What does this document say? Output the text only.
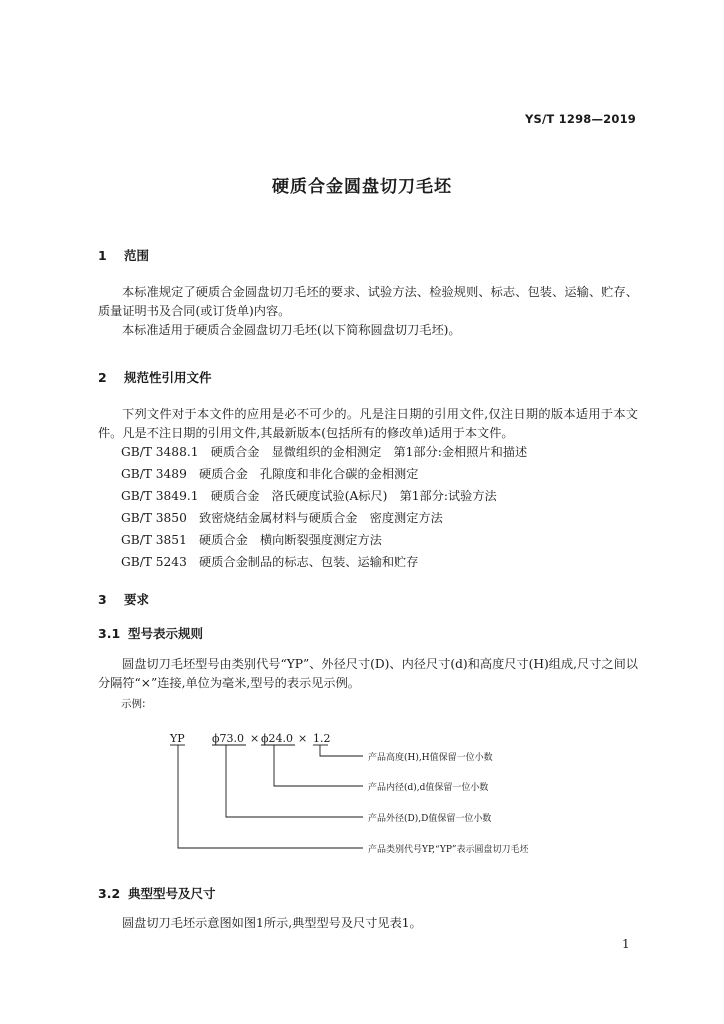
YS/T 1298—2019
硬质合金圆盘切刀毛坯
1 范围
本标准规定了硬质合金圆盘切刀毛坯的要求、试验方法、检验规则、标志、包装、运输、贮存、质量证明书及合同(或订货单)内容。
本标准适用于硬质合金圆盘切刀毛坯(以下简称圆盘切刀毛坯)。
2 规范性引用文件
下列文件对于本文件的应用是必不可少的。凡是注日期的引用文件,仅注日期的版本适用于本文件。凡是不注日期的引用文件,其最新版本(包括所有的修改单)适用于本文件。
GB/T 3488.1　硬质合金　显微组织的金相测定　第1部分:金相照片和描述
GB/T 3489　硬质合金　孔隙度和非化合碳的金相测定
GB/T 3849.1　硬质合金　洛氏硬度试验(A标尺)　第1部分:试验方法
GB/T 3850　致密烧结金属材料与硬质合金　密度测定方法
GB/T 3851　硬质合金　横向断裂强度测定方法
GB/T 5243　硬质合金制品的标志、包装、运输和贮存
3 要求
3.1 型号表示规则
圆盘切刀毛坯型号由类别代号“YP”、外径尺寸(D)、内径尺寸(d)和高度尺寸(H)组成,尺寸之间以分隔符“×”连接,单位为毫米,型号的表示见示例。
示例:
YP ϕ73.0 × ϕ24.0 × 1.2
产品高度(H),H值保留一位小数
产品内径(d),d值保留一位小数
产品外径(D),D值保留一位小数
产品类别代号YP,“YP”表示圆盘切刀毛坯
3.2 典型型号及尺寸
圆盘切刀毛坯示意图如图1所示,典型型号及尺寸见表1。
1
